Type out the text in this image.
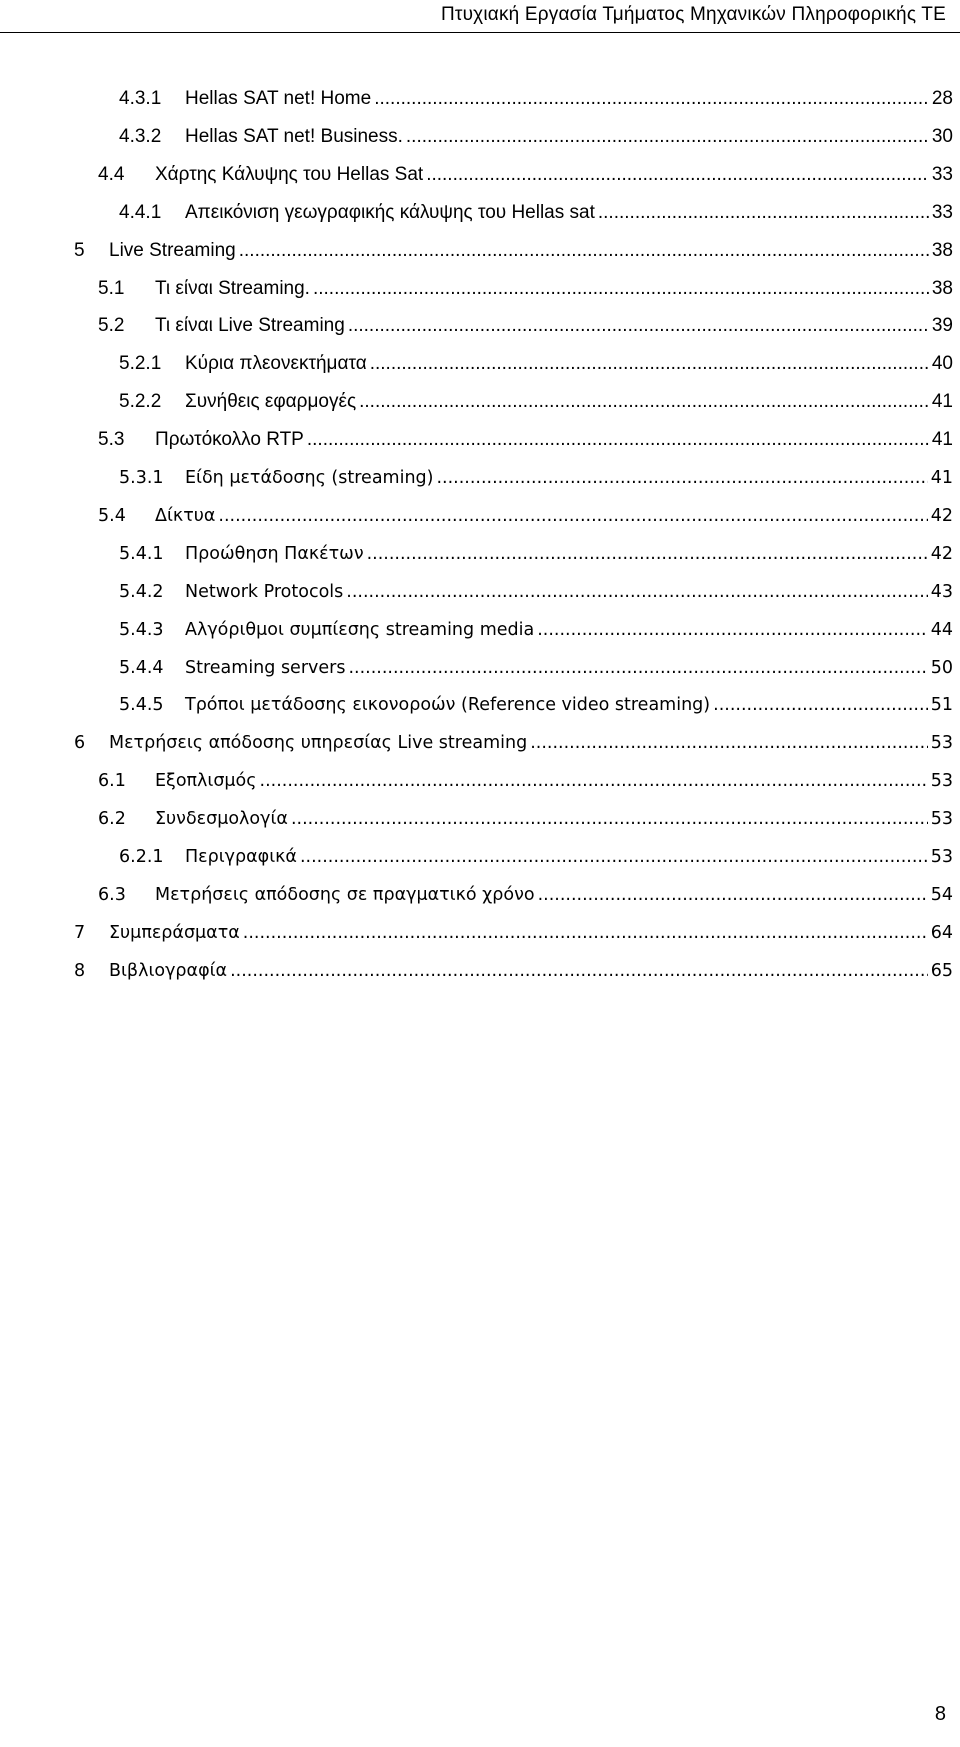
Πτυχιακή Εργασία Τμήματος Μηχανικών Πληροφορικής ΤΕ
4.3.1	Hellas SAT net! Home .....	28
4.3.2	Hellas SAT net! Business. .....	30
4.4	Χάρτης Κάλυψης του Hellas Sat .....	33
4.4.1	Απεικόνιση γεωγραφικής κάλυψης του Hellas sat .....	33
5	Live Streaming .....	38
5.1	Τι είναι Streaming. .....	38
5.2	Τι είναι Live Streaming .....	39
5.2.1	Κύρια πλεονεκτήματα .....	40
5.2.2	Συνήθεις εφαρμογές .....	41
5.3	Πρωτόκολλο RTP .....	41
5.3.1	Είδη μετάδοσης (streaming) .....	41
5.4	Δίκτυα .....	42
5.4.1	Προώθηση Πακέτων .....	42
5.4.2	Network Protocols .....	43
5.4.3	Αλγόριθμοι συμπίεσης streaming media .....	44
5.4.4	Streaming servers .....	50
5.4.5	Τρόποι μετάδοσης εικονοροών (Reference video streaming) .....	51
6	Μετρήσεις απόδοσης υπηρεσίας Live streaming .....	53
6.1	Εξοπλισμός .....	53
6.2	Συνδεσμολογία .....	53
6.2.1	Περιγραφικά .....	53
6.3	Μετρήσεις απόδοσης σε πραγματικό χρόνο .....	54
7	Συμπεράσματα .....	64
8	Βιβλιογραφία .....	65
8
